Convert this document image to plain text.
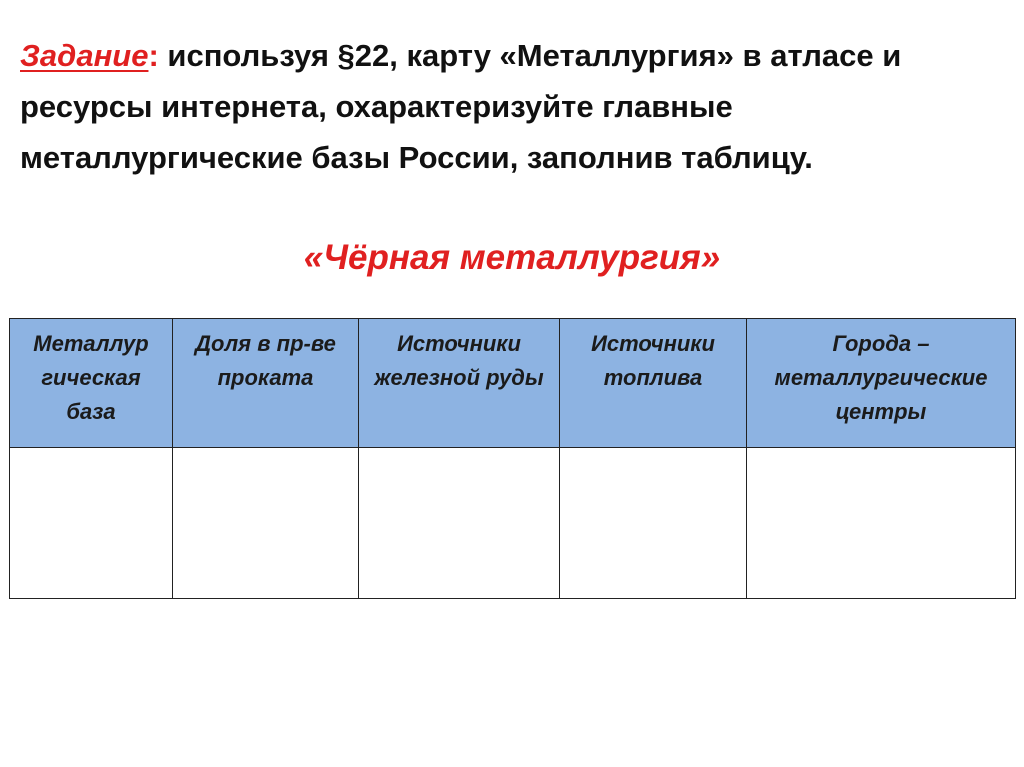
Задание: используя §22, карту «Металлургия» в атласе и ресурсы интернета, охарактеризуйте главные металлургические базы России, заполнив таблицу.

«Чёрная металлургия»
Металлур гическая база	Доля в пр-ве проката	Источники железной руды	Источники топлива	Города – металлургические центры
